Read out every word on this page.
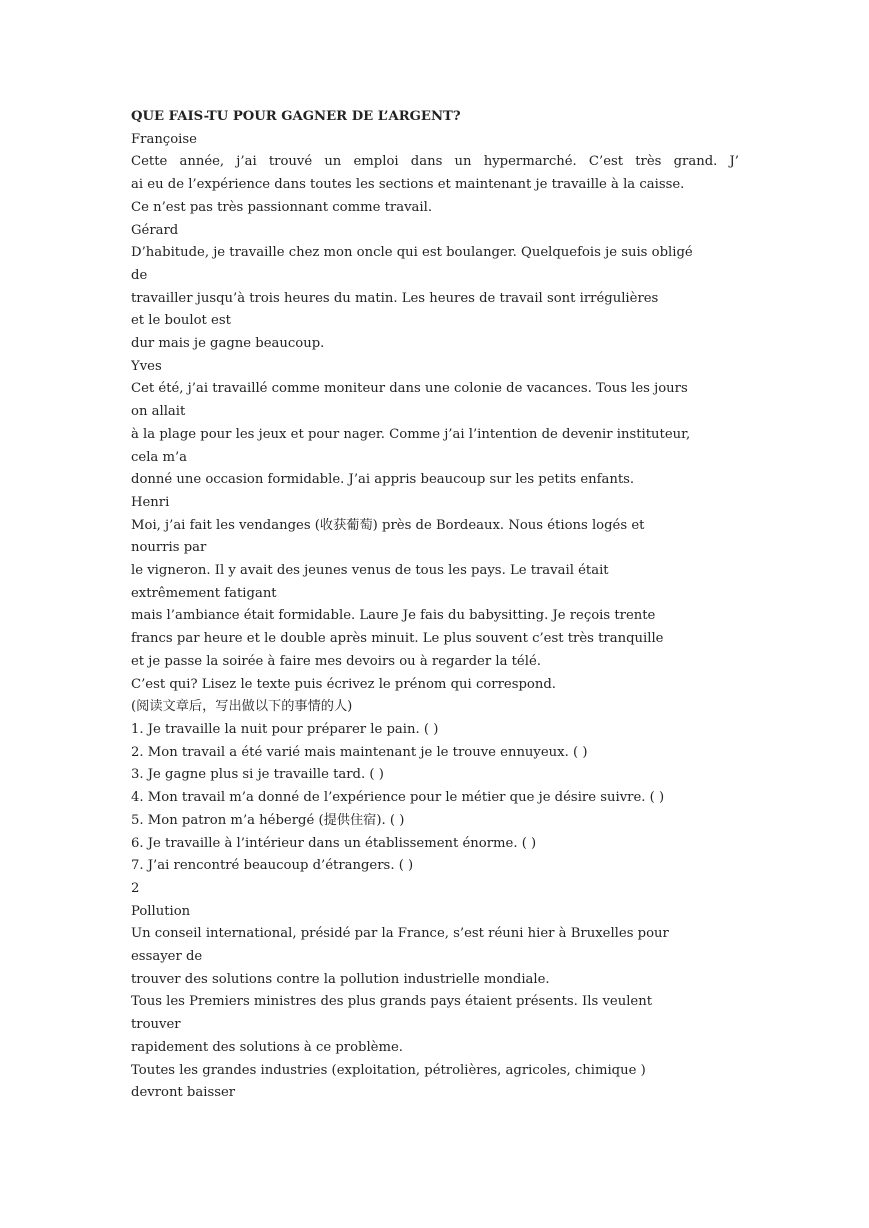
QUE FAIS-TU POUR GAGNER DE L’ARGENT?
Françoise
Cette année, j’ai trouvé un emploi dans un hypermarché. C’est très grand. J’
ai eu de l’expérience dans toutes les sections et maintenant je travaille à la caisse.
Ce n’est pas très passionnant comme travail.
Gérard
D’habitude, je travaille chez mon oncle qui est boulanger. Quelquefois je suis obligé
de
travailler jusqu’à trois heures du matin. Les heures de travail sont irrégulières
et le boulot est
dur mais je gagne beaucoup.
Yves
Cet été, j’ai travaillé comme moniteur dans une colonie de vacances. Tous les jours
on allait
à la plage pour les jeux et pour nager. Comme j’ai l’intention de devenir instituteur,
cela m’a
donné une occasion formidable. J’ai appris beaucoup sur les petits enfants.
Henri
Moi, j’ai fait les vendanges (收获葡萄) près de Bordeaux. Nous étions logés et
nourris par
le vigneron. Il y avait des jeunes venus de tous les pays. Le travail était
extrêmement fatigant
mais l’ambiance était formidable. Laure Je fais du babysitting. Je reçois trente
francs par heure et le double après minuit. Le plus souvent c’est très tranquille
et je passe la soirée à faire mes devoirs ou à regarder la télé.
C’est qui? Lisez le texte puis écrivez le prénom qui correspond.
(阅读文章后，写出做以下的事情的人)
1. Je travaille la nuit pour préparer le pain. ( )
2. Mon travail a été varié mais maintenant je le trouve ennuyeux. ( )
3. Je gagne plus si je travaille tard. ( )
4. Mon travail m’a donné de l’expérience pour le métier que je désire suivre. ( )
5. Mon patron m’a hébergé (提供住宿). ( )
6. Je travaille à l’intérieur dans un établissement énorme. ( )
7. J’ai rencontré beaucoup d’étrangers. ( )
2
Pollution
Un conseil international, présidé par la France, s’est réuni hier à Bruxelles pour
essayer de
trouver des solutions contre la pollution industrielle mondiale.
Tous les Premiers ministres des plus grands pays étaient présents. Ils veulent
trouver
rapidement des solutions à ce problème.
Toutes les grandes industries (exploitation, pétrolières, agricoles, chimique )
devront baisser
